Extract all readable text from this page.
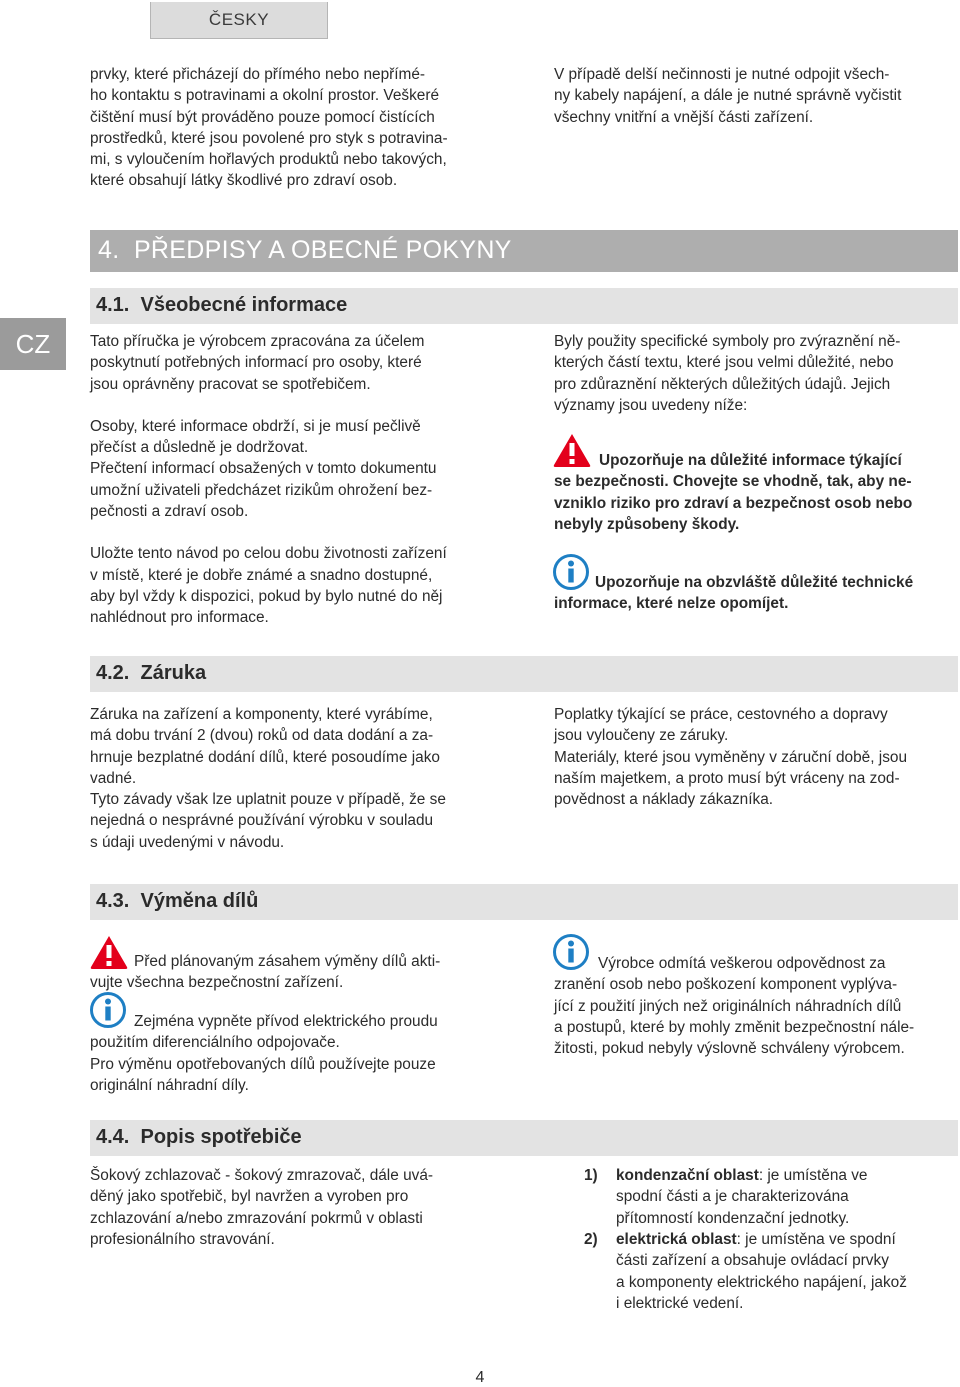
ČESKY
CZ
prvky, které přicházejí do přímého nebo nepřímé-
ho kontaktu s potravinami a okolní prostor. Veškeré
čištění musí být prováděno pouze pomocí čistících
prostředků, které jsou povolené pro styk s potravina-
mi, s vyloučením hořlavých produktů nebo takových,
které obsahují látky škodlivé pro zdraví osob.
V případě delší nečinnosti je nutné odpojit všech-
ny kabely napájení, a dále je nutné správně vyčistit
všechny vnitřní a vnější části zařízení.
4. PŘEDPISY A OBECNÉ POKYNY
4.1. Všeobecné informace
Tato příručka je výrobcem zpracována za účelem
poskytnutí potřebných informací pro osoby, které
jsou oprávněny pracovat se spotřebičem.
Osoby, které informace obdrží, si je musí pečlivě
přečíst a důsledně je dodržovat.
Přečtení informací obsažených v tomto dokumentu
umožní uživateli předcházet rizikům ohrožení bez-
pečnosti a zdraví osob.
Uložte tento návod po celou dobu životnosti zařízení
v místě, které je dobře známé a snadno dostupné,
aby byl vždy k dispozici, pokud by bylo nutné do něj
nahlédnout pro informace.
Byly použity specifické symboly pro zvýraznění ně-
kterých částí textu, které jsou velmi důležité, nebo
pro zdůraznění některých důležitých údajů. Jejich
významy jsou uvedeny níže:
Upozorňuje na důležité informace týkající
se bezpečnosti. Chovejte se vhodně, tak, aby ne-
vzniklo riziko pro zdraví a bezpečnost osob nebo
nebyly způsobeny škody.
Upozorňuje na obzvláště důležité technické
informace, které nelze opomíjet.
4.2. Záruka
Záruka na zařízení a komponenty, které vyrábíme,
má dobu trvání 2 (dvou) roků od data dodání a za-
hrnuje bezplatné dodání dílů, které posoudíme jako
vadné.
Tyto závady však lze uplatnit pouze v případě, že se
nejedná o nesprávné používání výrobku v souladu
s údaji uvedenými v návodu.
Poplatky týkající se práce, cestovného a dopravy
jsou vyloučeny ze záruky.
Materiály, které jsou vyměněny v záruční době, jsou
naším majetkem, a proto musí být vráceny na zod-
povědnost a náklady zákazníka.
4.3. Výměna dílů
Před plánovaným zásahem výměny dílů akti-
vujte všechna bezpečnostní zařízení.
Zejména vypněte přívod elektrického proudu
použitím diferenciálního odpojovače.
Pro výměnu opotřebovaných dílů používejte pouze
originální náhradní díly.
Výrobce odmítá veškerou odpovědnost za
zranění osob nebo poškození komponent vyplýva-
jící z použití jiných než originálních náhradních dílů
a postupů, které by mohly změnit bezpečnostní nále-
žitosti, pokud nebyly výslovně schváleny výrobcem.
4.4. Popis spotřebiče
Šokový zchlazovač - šokový zmrazovač, dále uvá-
děný jako spotřebič, byl navržen a vyroben pro
zchlazování a/nebo zmrazování pokrmů v oblasti
profesionálního stravování.
1) kondenzační oblast: je umístěna ve
spodní části a je charakterizována
přítomností kondenzační jednotky.
2) elektrická oblast: je umístěna ve spodní
části zařízení a obsahuje ovládací prvky
a komponenty elektrického napájení, jakož
i elektrické vedení.
4
